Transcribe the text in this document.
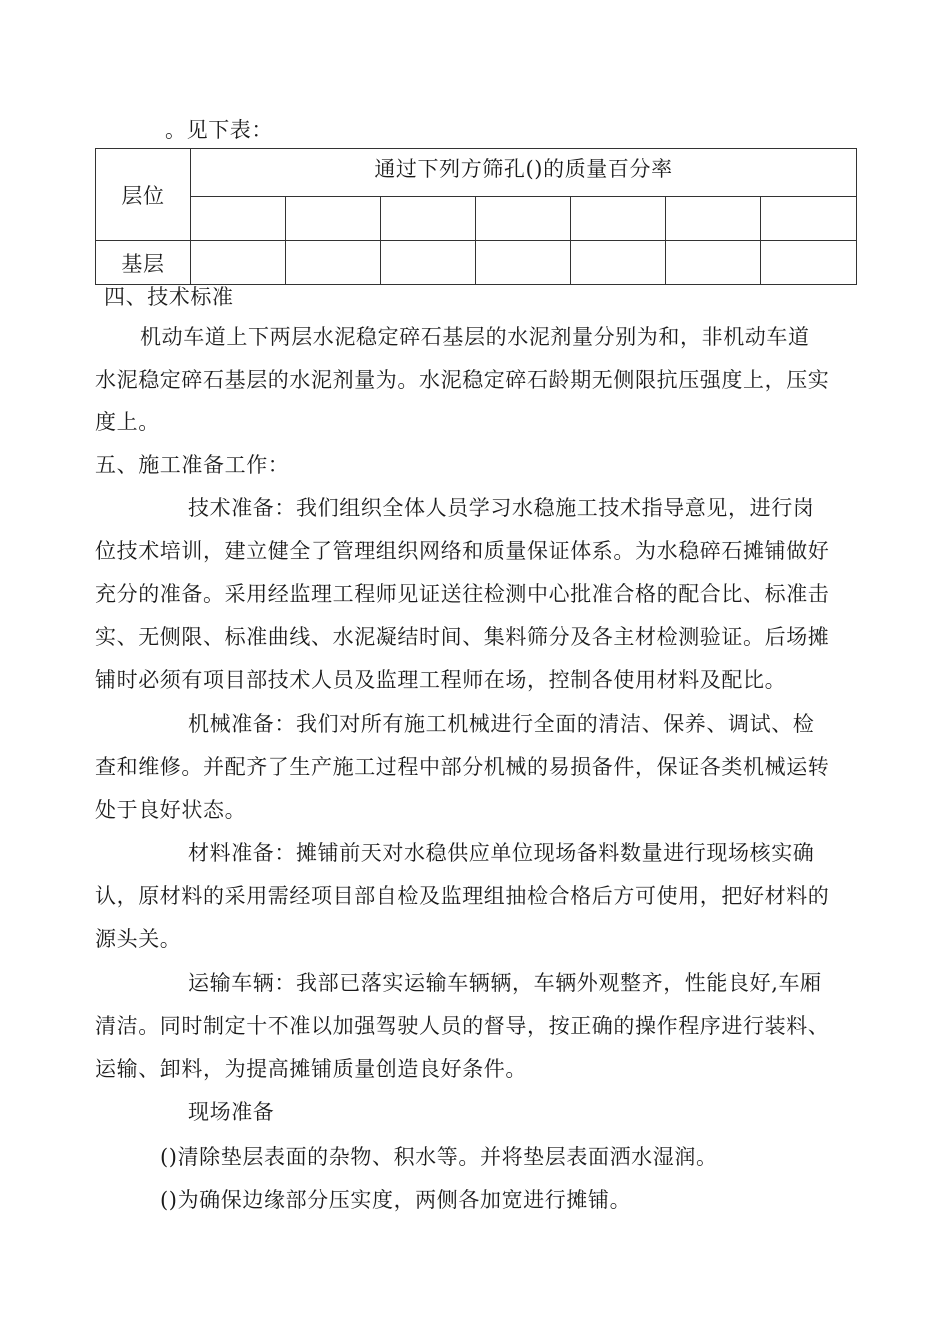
。见下表：
层位	通过下列方筛孔()的质量百分率						

基层							
四、技术标准
机动车道上下两层水泥稳定碎石基层的水泥剂量分别为和，非机动车道
水泥稳定碎石基层的水泥剂量为。水泥稳定碎石龄期无侧限抗压强度上，压实
度上。
五、施工准备工作：
技术准备：我们组织全体人员学习水稳施工技术指导意见，进行岗
位技术培训，建立健全了管理组织网络和质量保证体系。为水稳碎石摊铺做好
充分的准备。采用经监理工程师见证送往检测中心批准合格的配合比、标准击
实、无侧限、标准曲线、水泥凝结时间、集料筛分及各主材检测验证。后场摊
铺时必须有项目部技术人员及监理工程师在场，控制各使用材料及配比。
机械准备：我们对所有施工机械进行全面的清洁、保养、调试、检
查和维修。并配齐了生产施工过程中部分机械的易损备件，保证各类机械运转
处于良好状态。
材料准备：摊铺前天对水稳供应单位现场备料数量进行现场核实确
认，原材料的采用需经项目部自检及监理组抽检合格后方可使用，把好材料的
源头关。
运输车辆：我部已落实运输车辆辆，车辆外观整齐，性能良好,车厢
清洁。同时制定十不准以加强驾驶人员的督导，按正确的操作程序进行装料、
运输、卸料，为提高摊铺质量创造良好条件。
现场准备
()清除垫层表面的杂物、积水等。并将垫层表面洒水湿润。
()为确保边缘部分压实度，两侧各加宽进行摊铺。
